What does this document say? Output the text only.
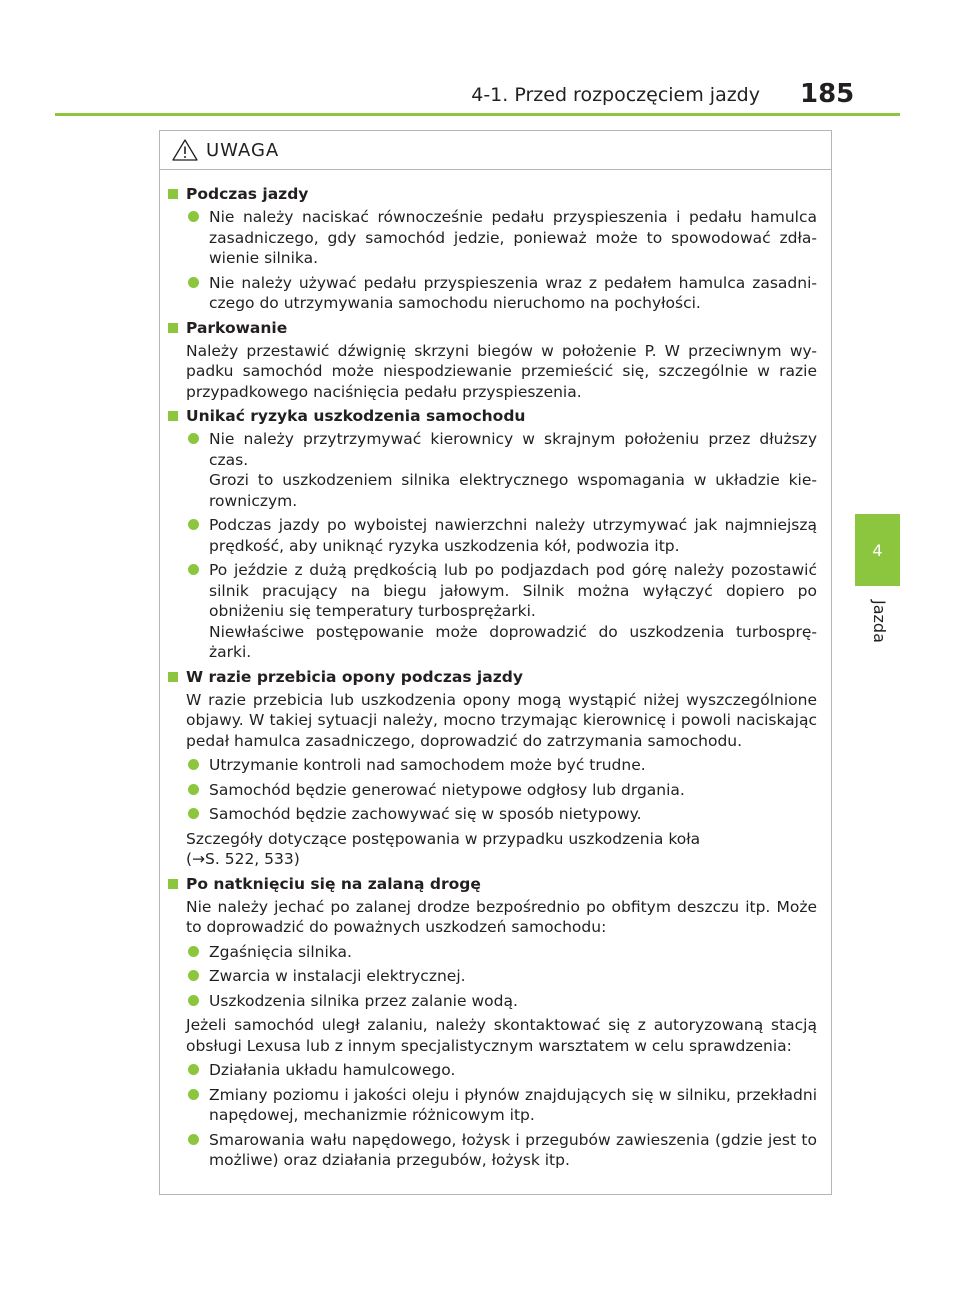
4-1. Przed rozpoczęciem jazdy 185
4
Jazda
UWAGA
Podczas jazdy
Nie należy naciskać równocześnie pedału przyspieszenia i pedału hamulca zasadniczego, gdy samochód jedzie, ponieważ może to spowodować zdła- wienie silnika.
Nie należy używać pedału przyspieszenia wraz z pedałem hamulca zasadni- czego do utrzymywania samochodu nieruchomo na pochyłości.
Parkowanie
Należy przestawić dźwignię skrzyni biegów w położenie P. W przeciwnym wy- padku samochód może niespodziewanie przemieścić się, szczególnie w razie przypadkowego naciśnięcia pedału przyspieszenia.
Unikać ryzyka uszkodzenia samochodu
Nie należy przytrzymywać kierownicy w skrajnym położeniu przez dłuższy czas.
Grozi to uszkodzeniem silnika elektrycznego wspomagania w układzie kie- rowniczym.
Podczas jazdy po wyboistej nawierzchni należy utrzymywać jak najmniejszą prędkość, aby uniknąć ryzyka uszkodzenia kół, podwozia itp.
Po jeździe z dużą prędkością lub po podjazdach pod górę należy pozostawić silnik pracujący na biegu jałowym. Silnik można wyłączyć dopiero po obniżeniu się temperatury turbosprężarki.
Niewłaściwe postępowanie może doprowadzić do uszkodzenia turbosprę- żarki.
W razie przebicia opony podczas jazdy
W razie przebicia lub uszkodzenia opony mogą wystąpić niżej wyszczególnione objawy. W takiej sytuacji należy, mocno trzymając kierownicę i powoli naciskając pedał hamulca zasadniczego, doprowadzić do zatrzymania samochodu.
Utrzymanie kontroli nad samochodem może być trudne.
Samochód będzie generować nietypowe odgłosy lub drgania.
Samochód będzie zachowywać się w sposób nietypowy.
Szczegóły dotyczące postępowania w przypadku uszkodzenia koła
(→S. 522, 533)
Po natknięciu się na zalaną drogę
Nie należy jechać po zalanej drodze bezpośrednio po obfitym deszczu itp. Może to doprowadzić do poważnych uszkodzeń samochodu:
Zgaśnięcia silnika.
Zwarcia w instalacji elektrycznej.
Uszkodzenia silnika przez zalanie wodą.
Jeżeli samochód uległ zalaniu, należy skontaktować się z autoryzowaną stacją obsługi Lexusa lub z innym specjalistycznym warsztatem w celu sprawdzenia:
Działania układu hamulcowego.
Zmiany poziomu i jakości oleju i płynów znajdujących się w silniku, przekładni napędowej, mechanizmie różnicowym itp.
Smarowania wału napędowego, łożysk i przegubów zawieszenia (gdzie jest to możliwe) oraz działania przegubów, łożysk itp.
